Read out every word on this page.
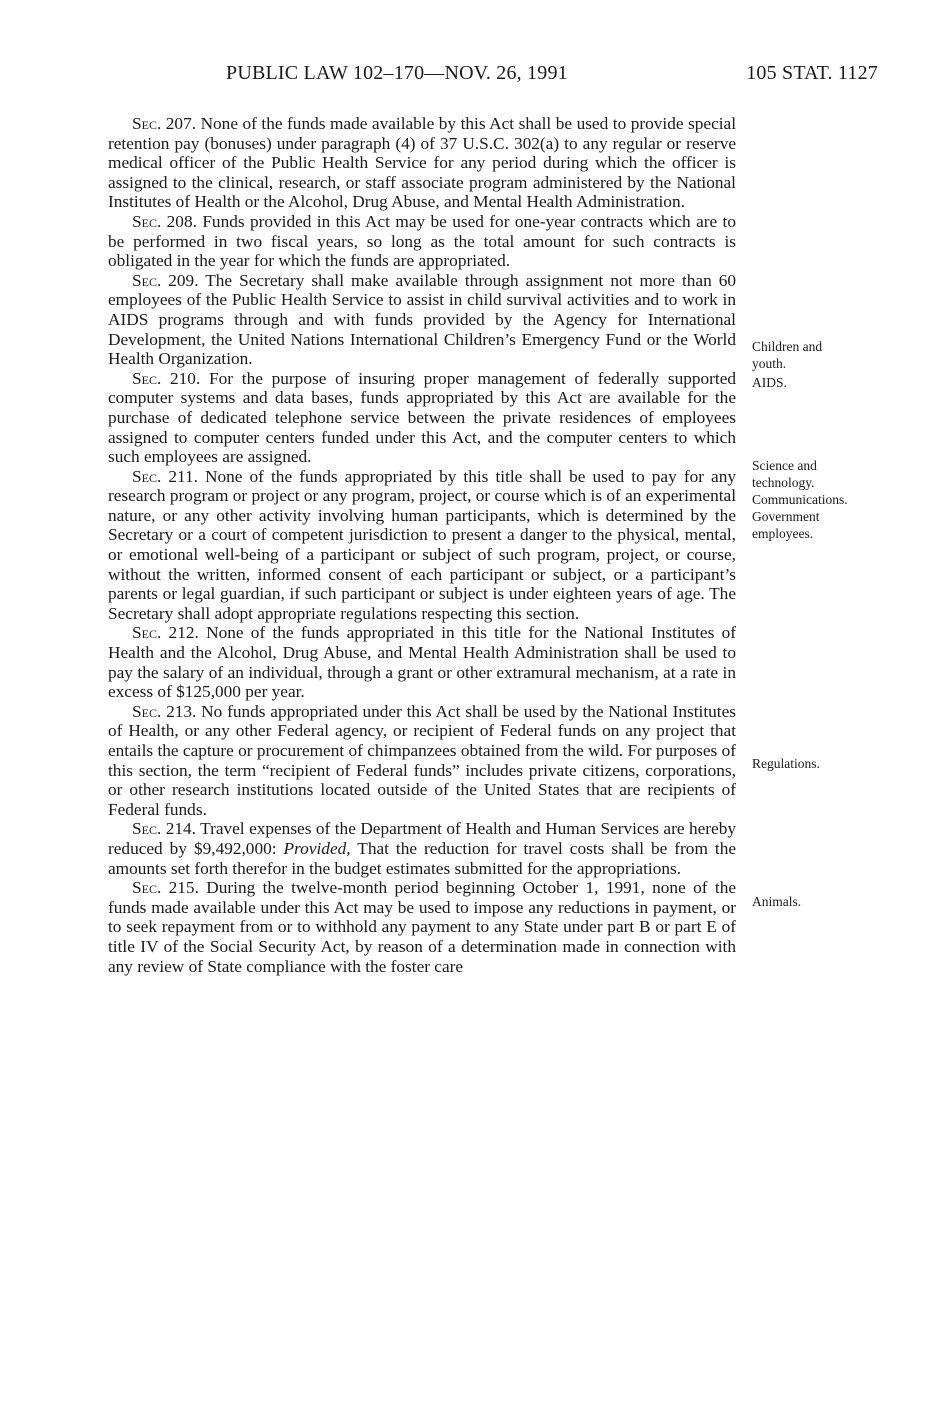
PUBLIC LAW 102–170—NOV. 26, 1991	105 STAT. 1127

Sec. 207. None of the funds made available by this Act shall be used to provide special retention pay (bonuses) under paragraph (4) of 37 U.S.C. 302(a) to any regular or reserve medical officer of the Public Health Service for any period during which the officer is assigned to the clinical, research, or staff associate program administered by the National Institutes of Health or the Alcohol, Drug Abuse, and Mental Health Administration.

Sec. 208. Funds provided in this Act may be used for one-year contracts which are to be performed in two fiscal years, so long as the total amount for such contracts is obligated in the year for which the funds are appropriated.

Sec. 209. The Secretary shall make available through assignment not more than 60 employees of the Public Health Service to assist in child survival activities and to work in AIDS programs through and with funds provided by the Agency for International Development, the United Nations International Children’s Emergency Fund or the World Health Organization.

Sec. 210. For the purpose of insuring proper management of federally supported computer systems and data bases, funds appropriated by this Act are available for the purchase of dedicated telephone service between the private residences of employees assigned to computer centers funded under this Act, and the computer centers to which such employees are assigned.

Sec. 211. None of the funds appropriated by this title shall be used to pay for any research program or project or any program, project, or course which is of an experimental nature, or any other activity involving human participants, which is determined by the Secretary or a court of competent jurisdiction to present a danger to the physical, mental, or emotional well-being of a participant or subject of such program, project, or course, without the written, informed consent of each participant or subject, or a participant’s parents or legal guardian, if such participant or subject is under eighteen years of age. The Secretary shall adopt appropriate regulations respecting this section.

Sec. 212. None of the funds appropriated in this title for the National Institutes of Health and the Alcohol, Drug Abuse, and Mental Health Administration shall be used to pay the salary of an individual, through a grant or other extramural mechanism, at a rate in excess of $125,000 per year.

Sec. 213. No funds appropriated under this Act shall be used by the National Institutes of Health, or any other Federal agency, or recipient of Federal funds on any project that entails the capture or procurement of chimpanzees obtained from the wild. For purposes of this section, the term “recipient of Federal funds” includes private citizens, corporations, or other research institutions located outside of the United States that are recipients of Federal funds.

Sec. 214. Travel expenses of the Department of Health and Human Services are hereby reduced by $9,492,000: Provided, That the reduction for travel costs shall be from the amounts set forth therefor in the budget estimates submitted for the appropriations.

Sec. 215. During the twelve-month period beginning October 1, 1991, none of the funds made available under this Act may be used to impose any reductions in payment, or to seek repayment from or to withhold any payment to any State under part B or part E of title IV of the Social Security Act, by reason of a determination made in connection with any review of State compliance with the foster care

Children and
youth.
AIDS.
Science and
technology.
Communications.
Government
employees.
Regulations.
Animals.
